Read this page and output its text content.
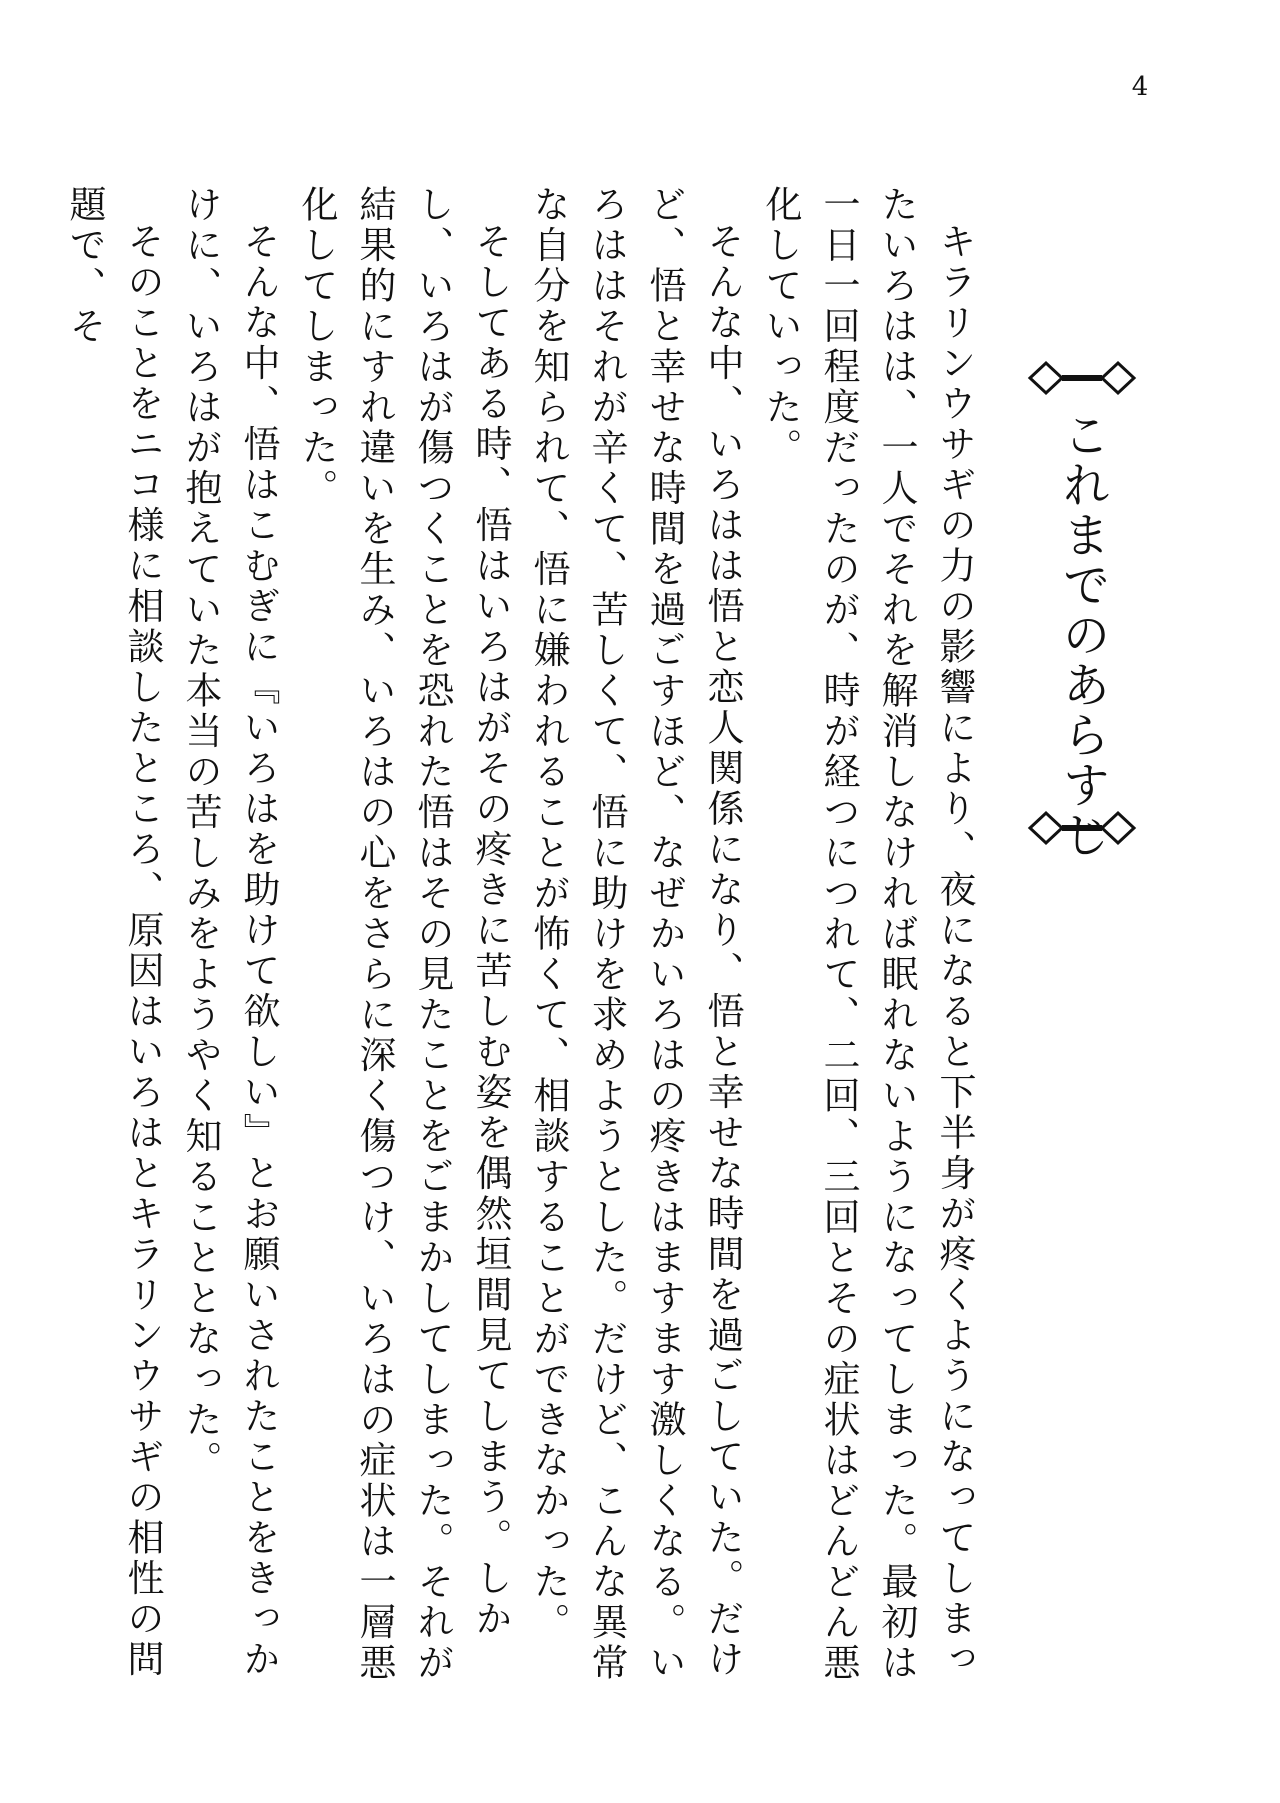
4
これまでのあらすじ

キラリンウサギの力の影響により、夜になると下半身が疼くようになってしまったいろはは、一人でそれを解消しなければ眠れないようになってしまった。最初は一日一回程度だったのが、時が経つにつれて、二回、三回とその症状はどんどん悪化していった。

そんな中、いろはは悟と恋人関係になり、悟と幸せな時間を過ごしていた。だけど、悟と幸せな時間を過ごすほど、なぜかいろはの疼きはますます激しくなる。いろははそれが辛くて、苦しくて、悟に助けを求めようとした。だけど、こんな異常な自分を知られて、悟に嫌われることが怖くて、相談することができなかった。

そしてある時、悟はいろはがその疼きに苦しむ姿を偶然垣間見てしまう。しかし、いろはが傷つくことを恐れた悟はその見たことをごまかしてしまった。それが結果的にすれ違いを生み、いろはの心をさらに深く傷つけ、いろはの症状は一層悪化してしまった。

そんな中、悟はこむぎに『いろはを助けて欲しい』とお願いされたことをきっかけに、いろはが抱えていた本当の苦しみをようやく知ることとなった。

そのことをニコ様に相談したところ、原因はいろはとキラリンウサギの相性の問題で、そ
